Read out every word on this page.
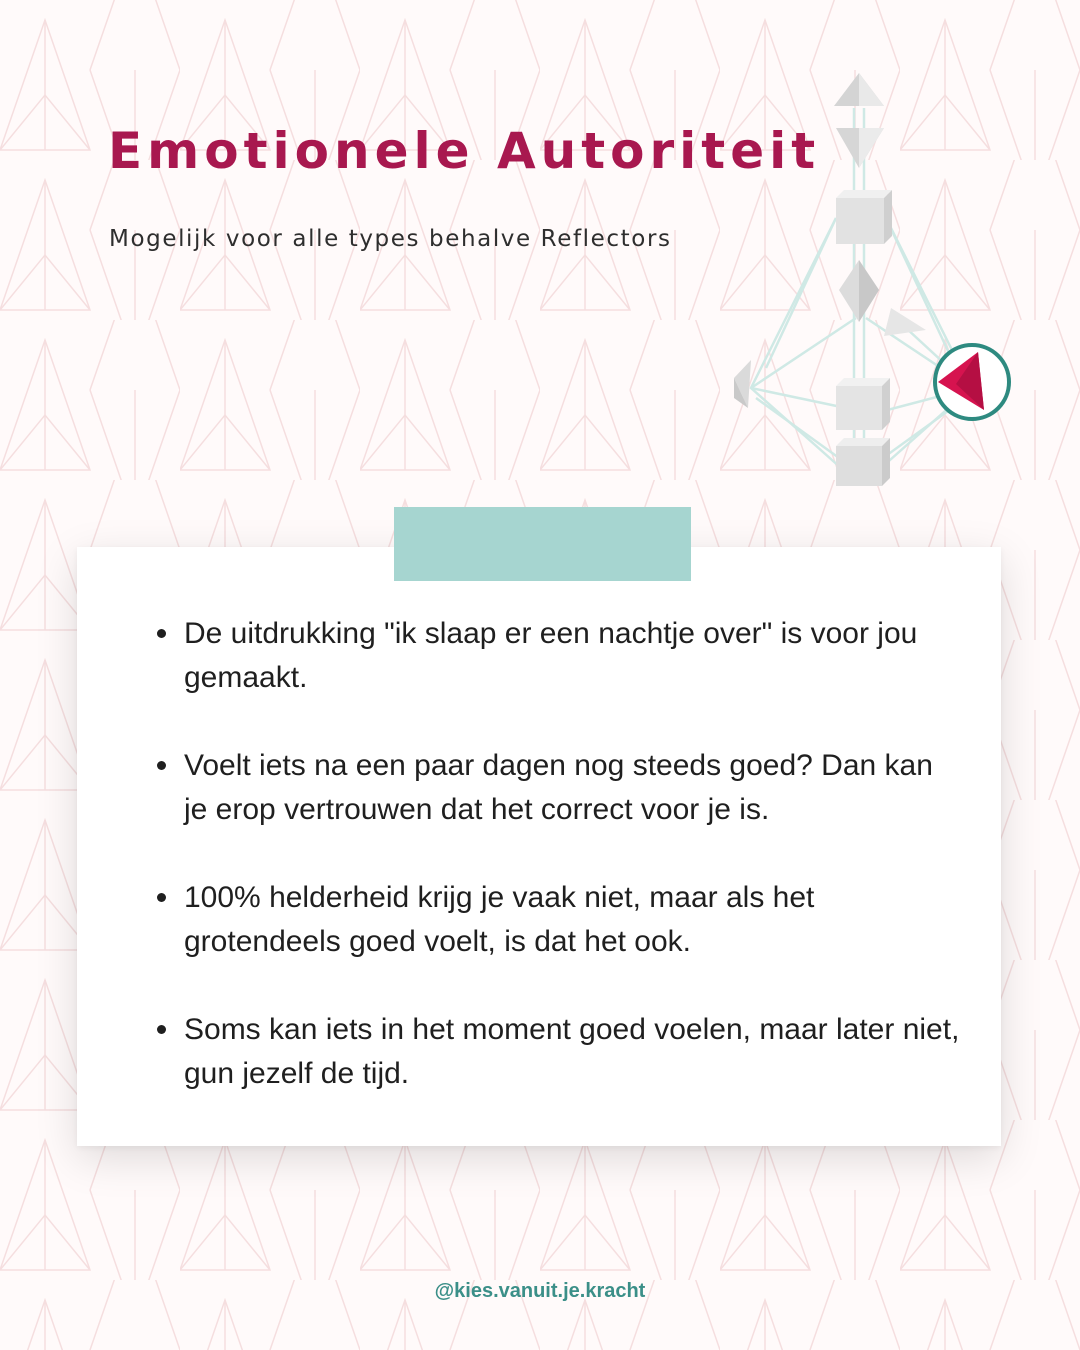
Emotionele Autoriteit
Mogelijk voor alle types behalve Reflectors
De uitdrukking "ik slaap er een nachtje over" is voor jou gemaakt.
Voelt iets na een paar dagen nog steeds goed? Dan kan je erop vertrouwen dat het correct voor je is.
100% helderheid krijg je vaak niet, maar als het grotendeels goed voelt, is dat het ook.
Soms kan iets in het moment goed voelen, maar later niet, gun jezelf de tijd.
@kies.vanuit.je.kracht
